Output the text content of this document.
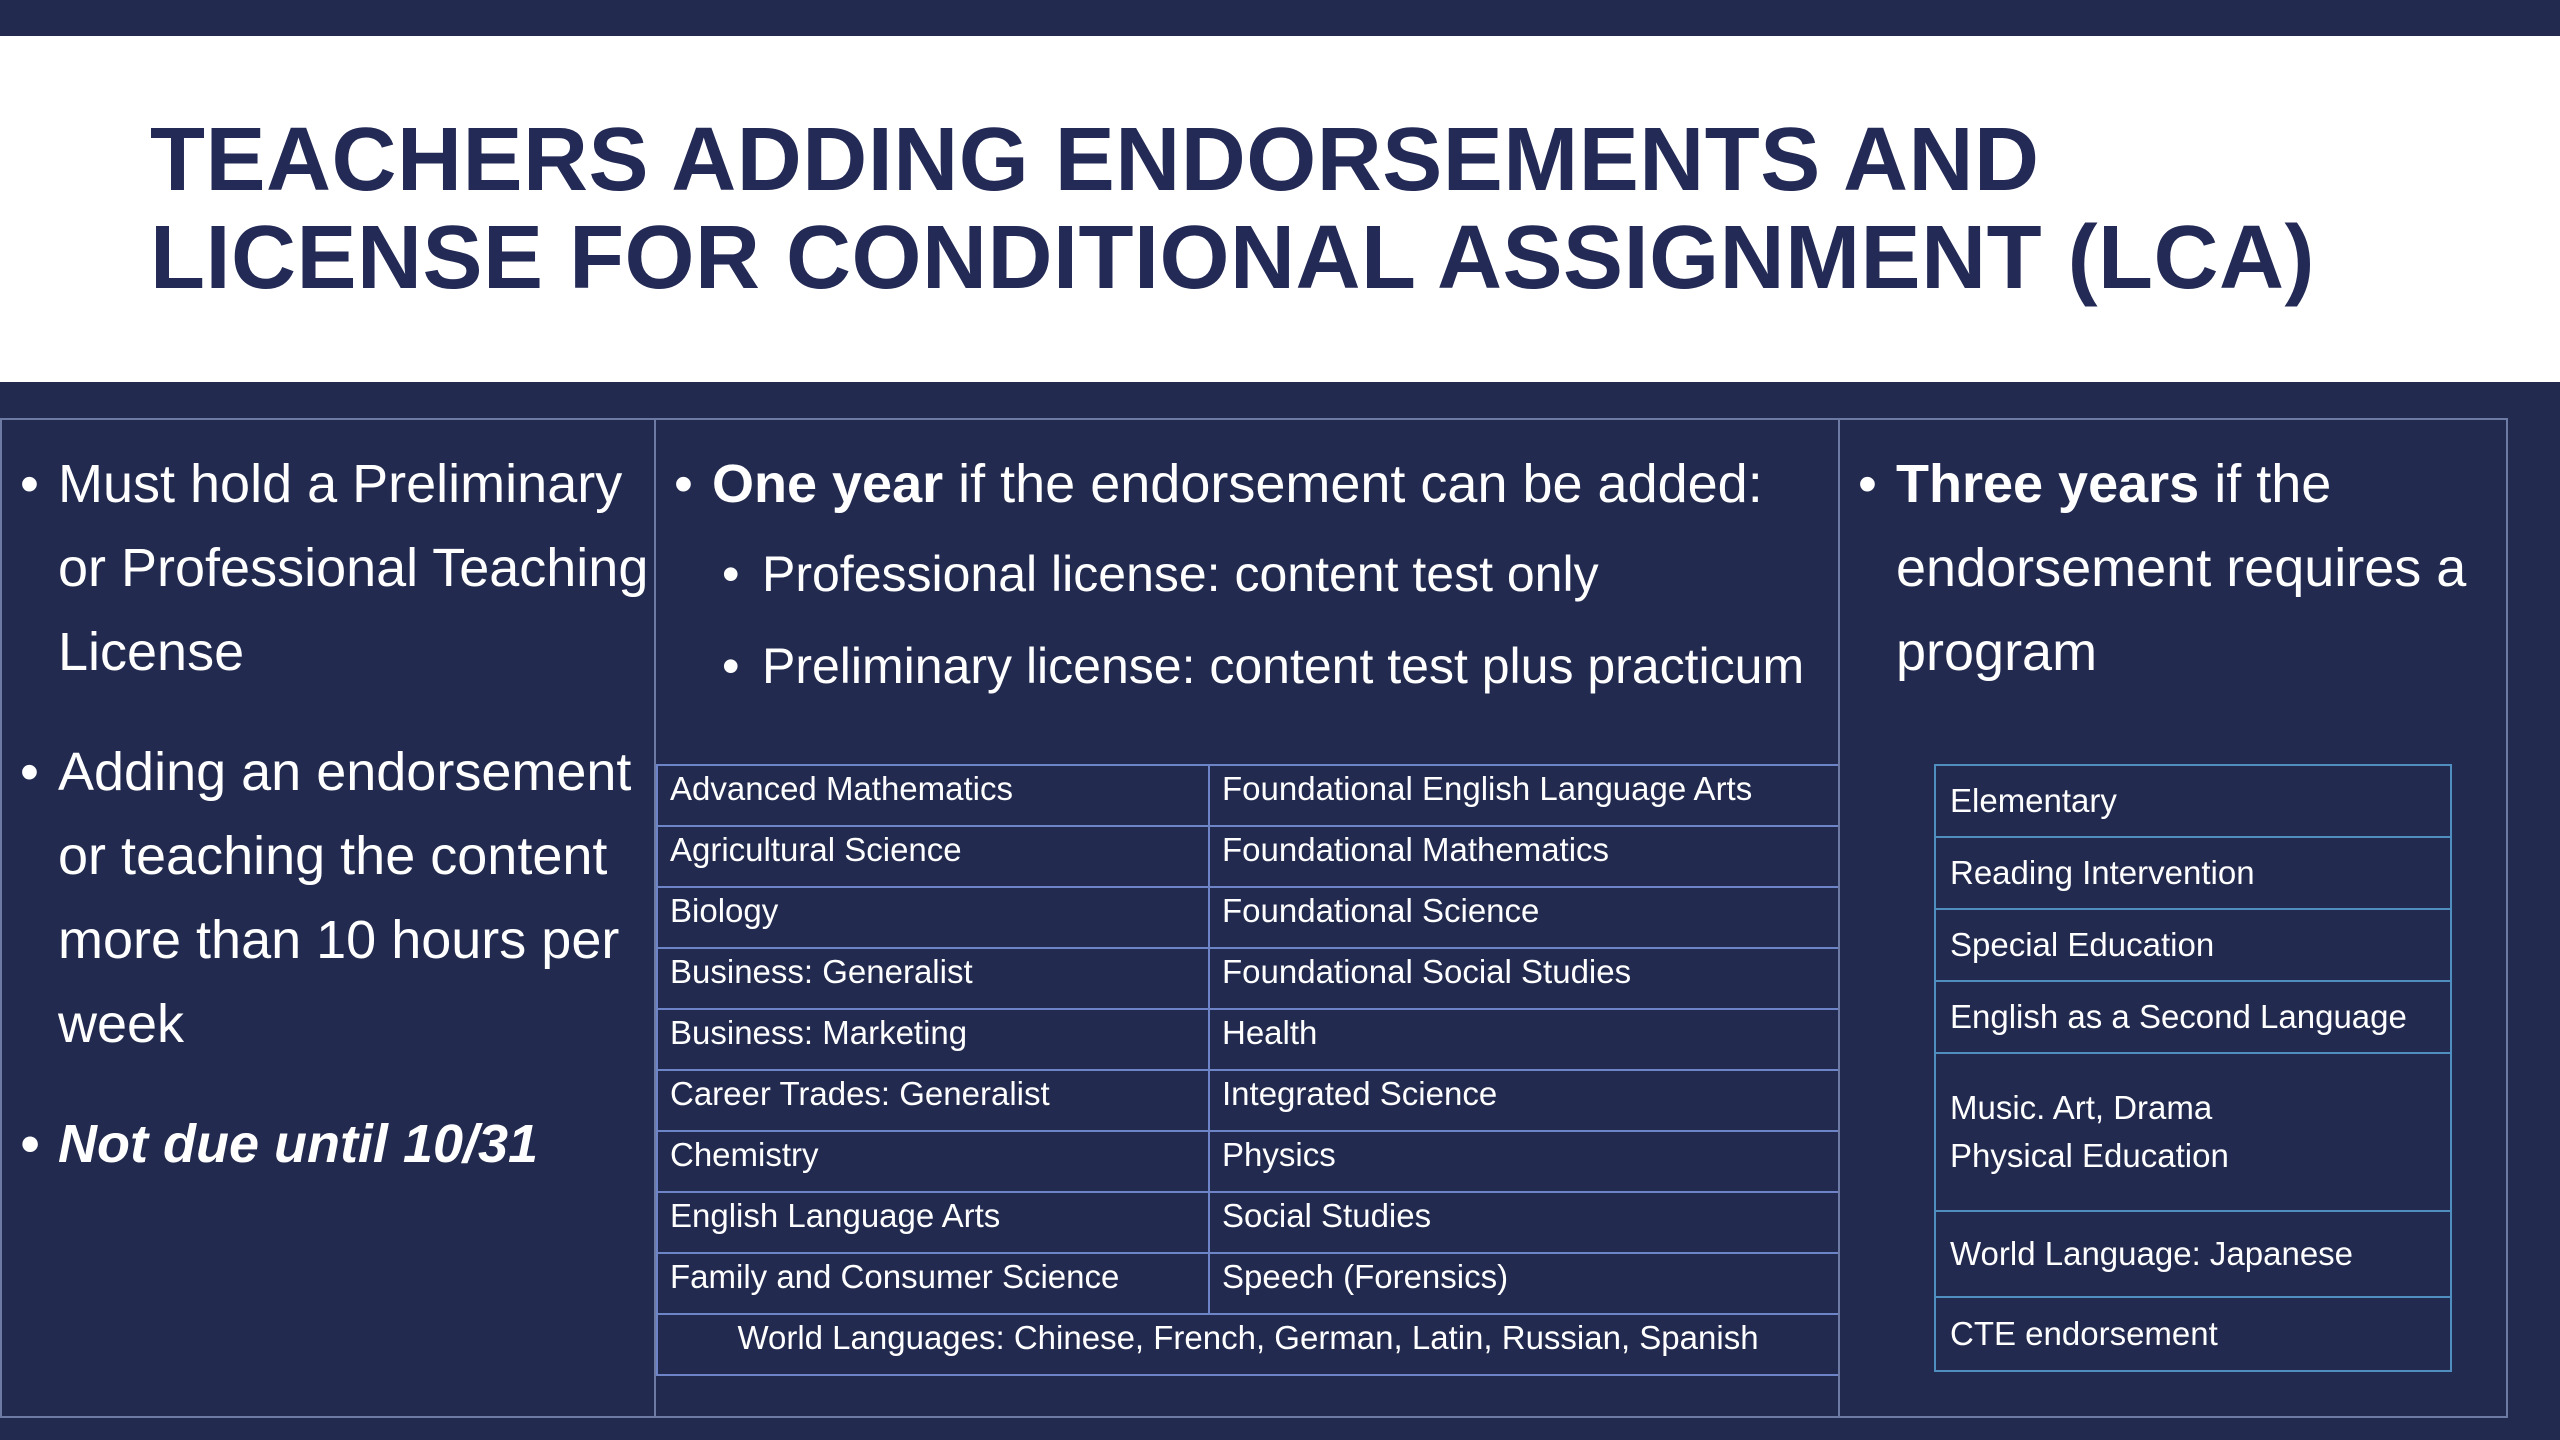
TEACHERS ADDING ENDORSEMENTS AND
LICENSE FOR CONDITIONAL ASSIGNMENT (LCA)
• Must hold a Preliminary or Professional Teaching License
• Adding an endorsement or teaching the content more than 10 hours per week
• Not due until 10/31
• One year if the endorsement can be added:
• Professional license: content test only
• Preliminary license: content test plus practicum
Advanced Mathematics	Foundational English Language Arts
Agricultural Science	Foundational Mathematics
Biology	Foundational Science
Business: Generalist	Foundational Social Studies
Business: Marketing	Health
Career Trades: Generalist	Integrated Science
Chemistry	Physics
English Language Arts	Social Studies
Family and Consumer Science	Speech (Forensics)
World Languages: Chinese, French, German, Latin, Russian, Spanish	
• Three years if the endorsement requires a program
Elementary
Reading Intervention
Special Education
English as a Second Language
Music. Art, Drama
Physical Education
World Language: Japanese
CTE endorsement
